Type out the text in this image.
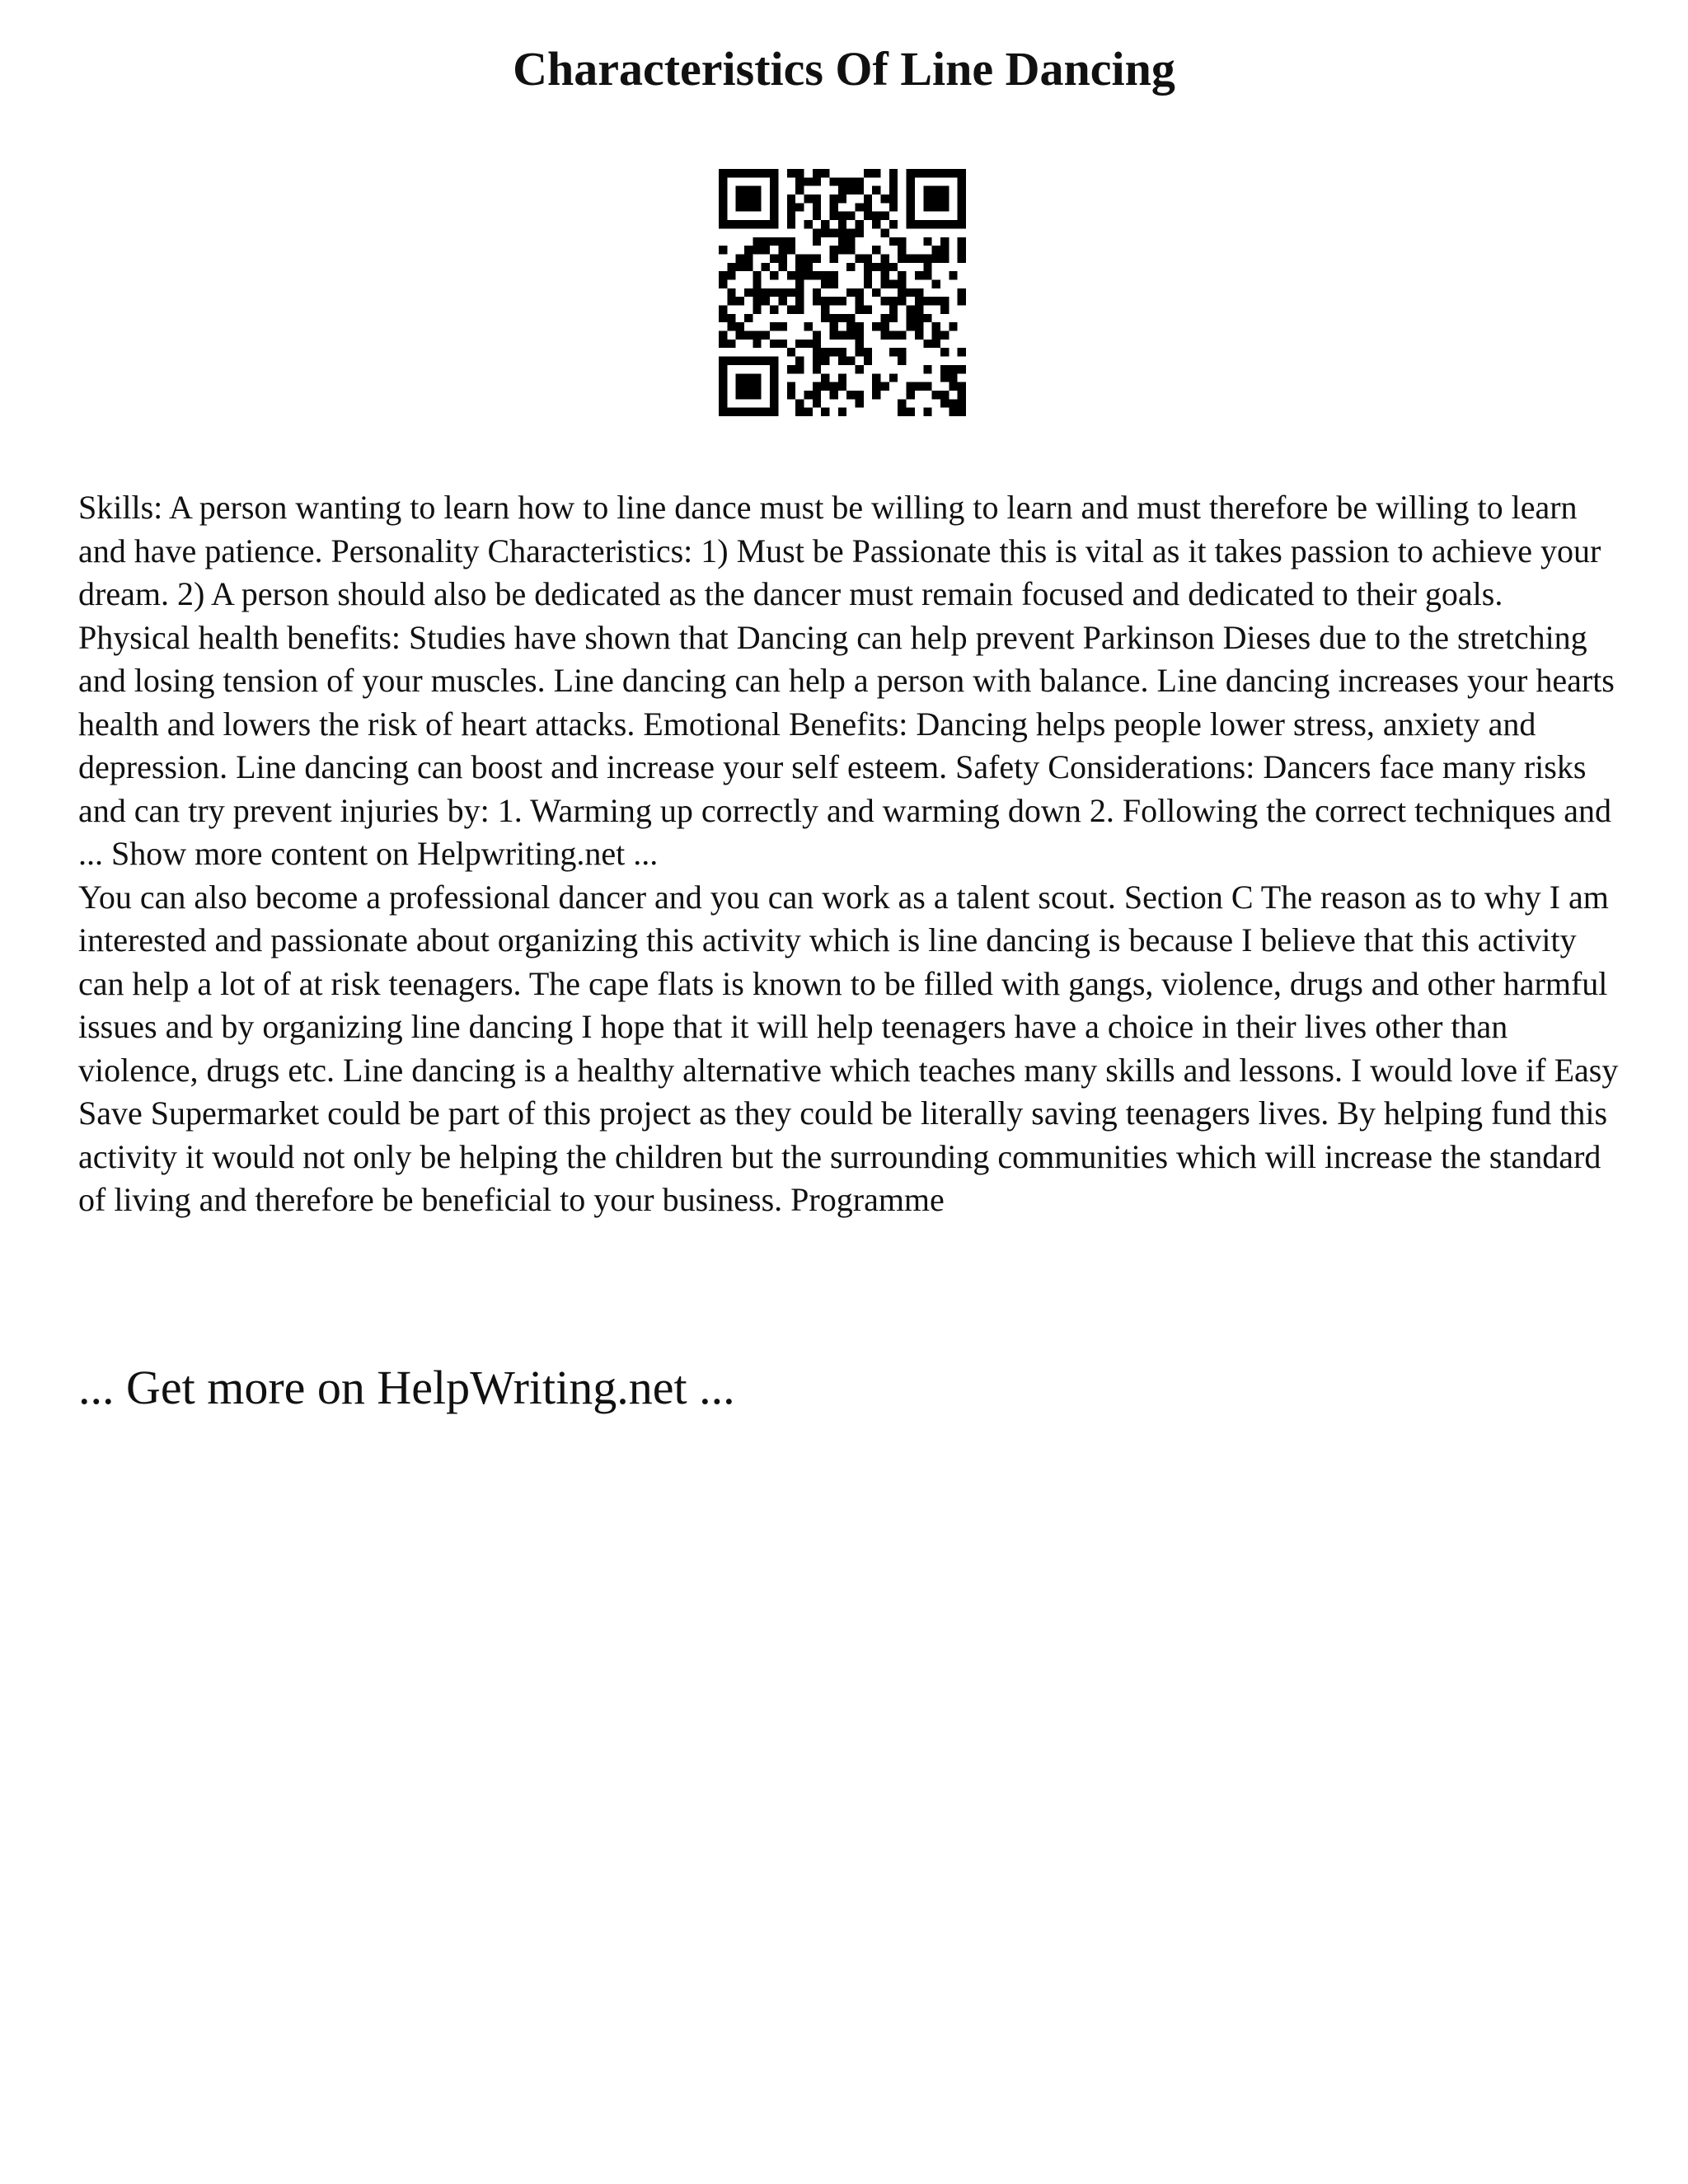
Characteristics Of Line Dancing

Skills: A person wanting to learn how to line dance must be willing to learn and must therefore be willing to learn and have patience. Personality Characteristics: 1) Must be Passionate this is vital as it takes passion to achieve your dream. 2) A person should also be dedicated as the dancer must remain focused and dedicated to their goals. Physical health benefits: Studies have shown that Dancing can help prevent Parkinson Dieses due to the stretching and losing tension of your muscles. Line dancing can help a person with balance. Line dancing increases your hearts health and lowers the risk of heart attacks. Emotional Benefits: Dancing helps people lower stress, anxiety and depression. Line dancing can boost and increase your self esteem. Safety Considerations: Dancers face many risks and can try prevent injuries by: 1. Warming up correctly and warming down 2. Following the correct techniques and ... Show more content on Helpwriting.net ...

You can also become a professional dancer and you can work as a talent scout. Section C The reason as to why I am interested and passionate about organizing this activity which is line dancing is because I believe that this activity can help a lot of at risk teenagers. The cape flats is known to be filled with gangs, violence, drugs and other harmful issues and by organizing line dancing I hope that it will help teenagers have a choice in their lives other than violence, drugs etc. Line dancing is a healthy alternative which teaches many skills and lessons. I would love if Easy Save Supermarket could be part of this project as they could be literally saving teenagers lives. By helping fund this activity it would not only be helping the children but the surrounding communities which will increase the standard of living and therefore be beneficial to your business. Programme

... Get more on HelpWriting.net ...
